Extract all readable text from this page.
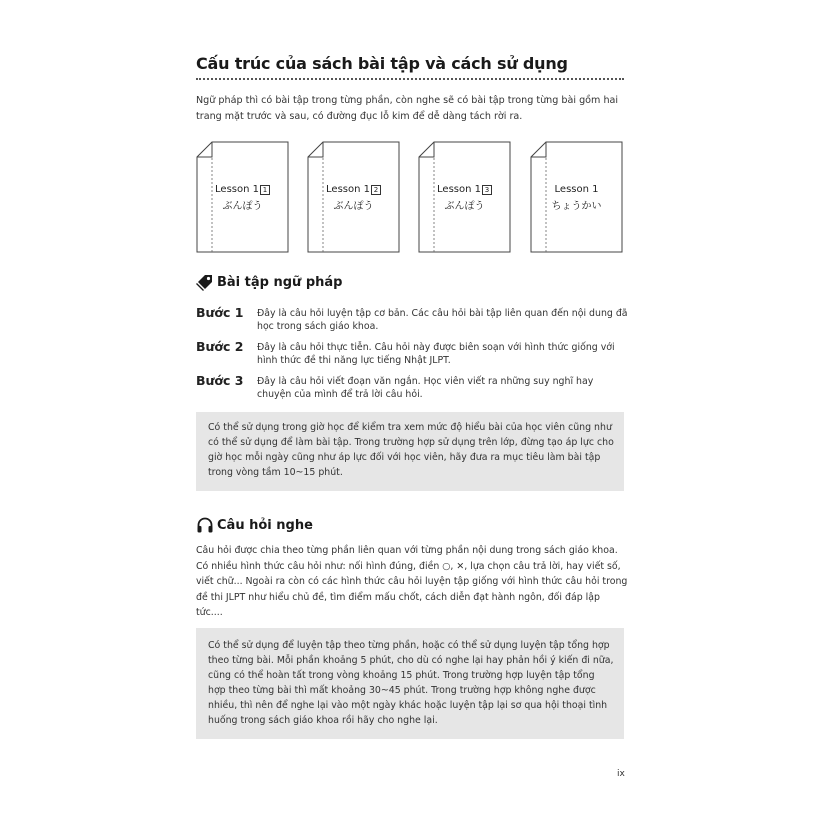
Cấu trúc của sách bài tập và cách sử dụng
Ngữ pháp thì có bài tập trong từng phần, còn nghe sẽ có bài tập trong từng bài gồm hai trang mặt trước và sau, có đường đục lỗ kim để dễ dàng tách rời ra.
Lesson 1 1
ぶんぽう
Lesson 1 2
ぶんぽう
Lesson 1 3
ぶんぽう
Lesson 1
ちょうかい
Bài tập ngữ pháp
Bước 1 Đây là câu hỏi luyện tập cơ bản. Các câu hỏi bài tập liên quan đến nội dung đã học trong sách giáo khoa.
Bước 2 Đây là câu hỏi thực tiễn. Câu hỏi này được biên soạn với hình thức giống với hình thức đề thi năng lực tiếng Nhật JLPT.
Bước 3 Đây là câu hỏi viết đoạn văn ngắn. Học viên viết ra những suy nghĩ hay chuyện của mình để trả lời câu hỏi.
Có thể sử dụng trong giờ học để kiểm tra xem mức độ hiểu bài của học viên cũng như có thể sử dụng để làm bài tập. Trong trường hợp sử dụng trên lớp, đừng tạo áp lực cho giờ học mỗi ngày cũng như áp lực đối với học viên, hãy đưa ra mục tiêu làm bài tập trong vòng tầm 10~15 phút.
Câu hỏi nghe
Câu hỏi được chia theo từng phần liên quan với từng phần nội dung trong sách giáo khoa. Có nhiều hình thức câu hỏi như: nối hình đúng, điền ○, ✕, lựa chọn câu trả lời, hay viết số, viết chữ... Ngoài ra còn có các hình thức câu hỏi luyện tập giống với hình thức câu hỏi trong đề thi JLPT như hiểu chủ đề, tìm điểm mấu chốt, cách diễn đạt hành ngôn, đối đáp lập tức....
Có thể sử dụng để luyện tập theo từng phần, hoặc có thể sử dụng luyện tập tổng hợp theo từng bài. Mỗi phần khoảng 5 phút, cho dù có nghe lại hay phản hồi ý kiến đi nữa, cũng có thể hoàn tất trong vòng khoảng 15 phút. Trong trường hợp luyện tập tổng hợp theo từng bài thì mất khoảng 30~45 phút. Trong trường hợp không nghe được nhiều, thì nên để nghe lại vào một ngày khác hoặc luyện tập lại sơ qua hội thoại tình huống trong sách giáo khoa rồi hãy cho nghe lại.
ix
